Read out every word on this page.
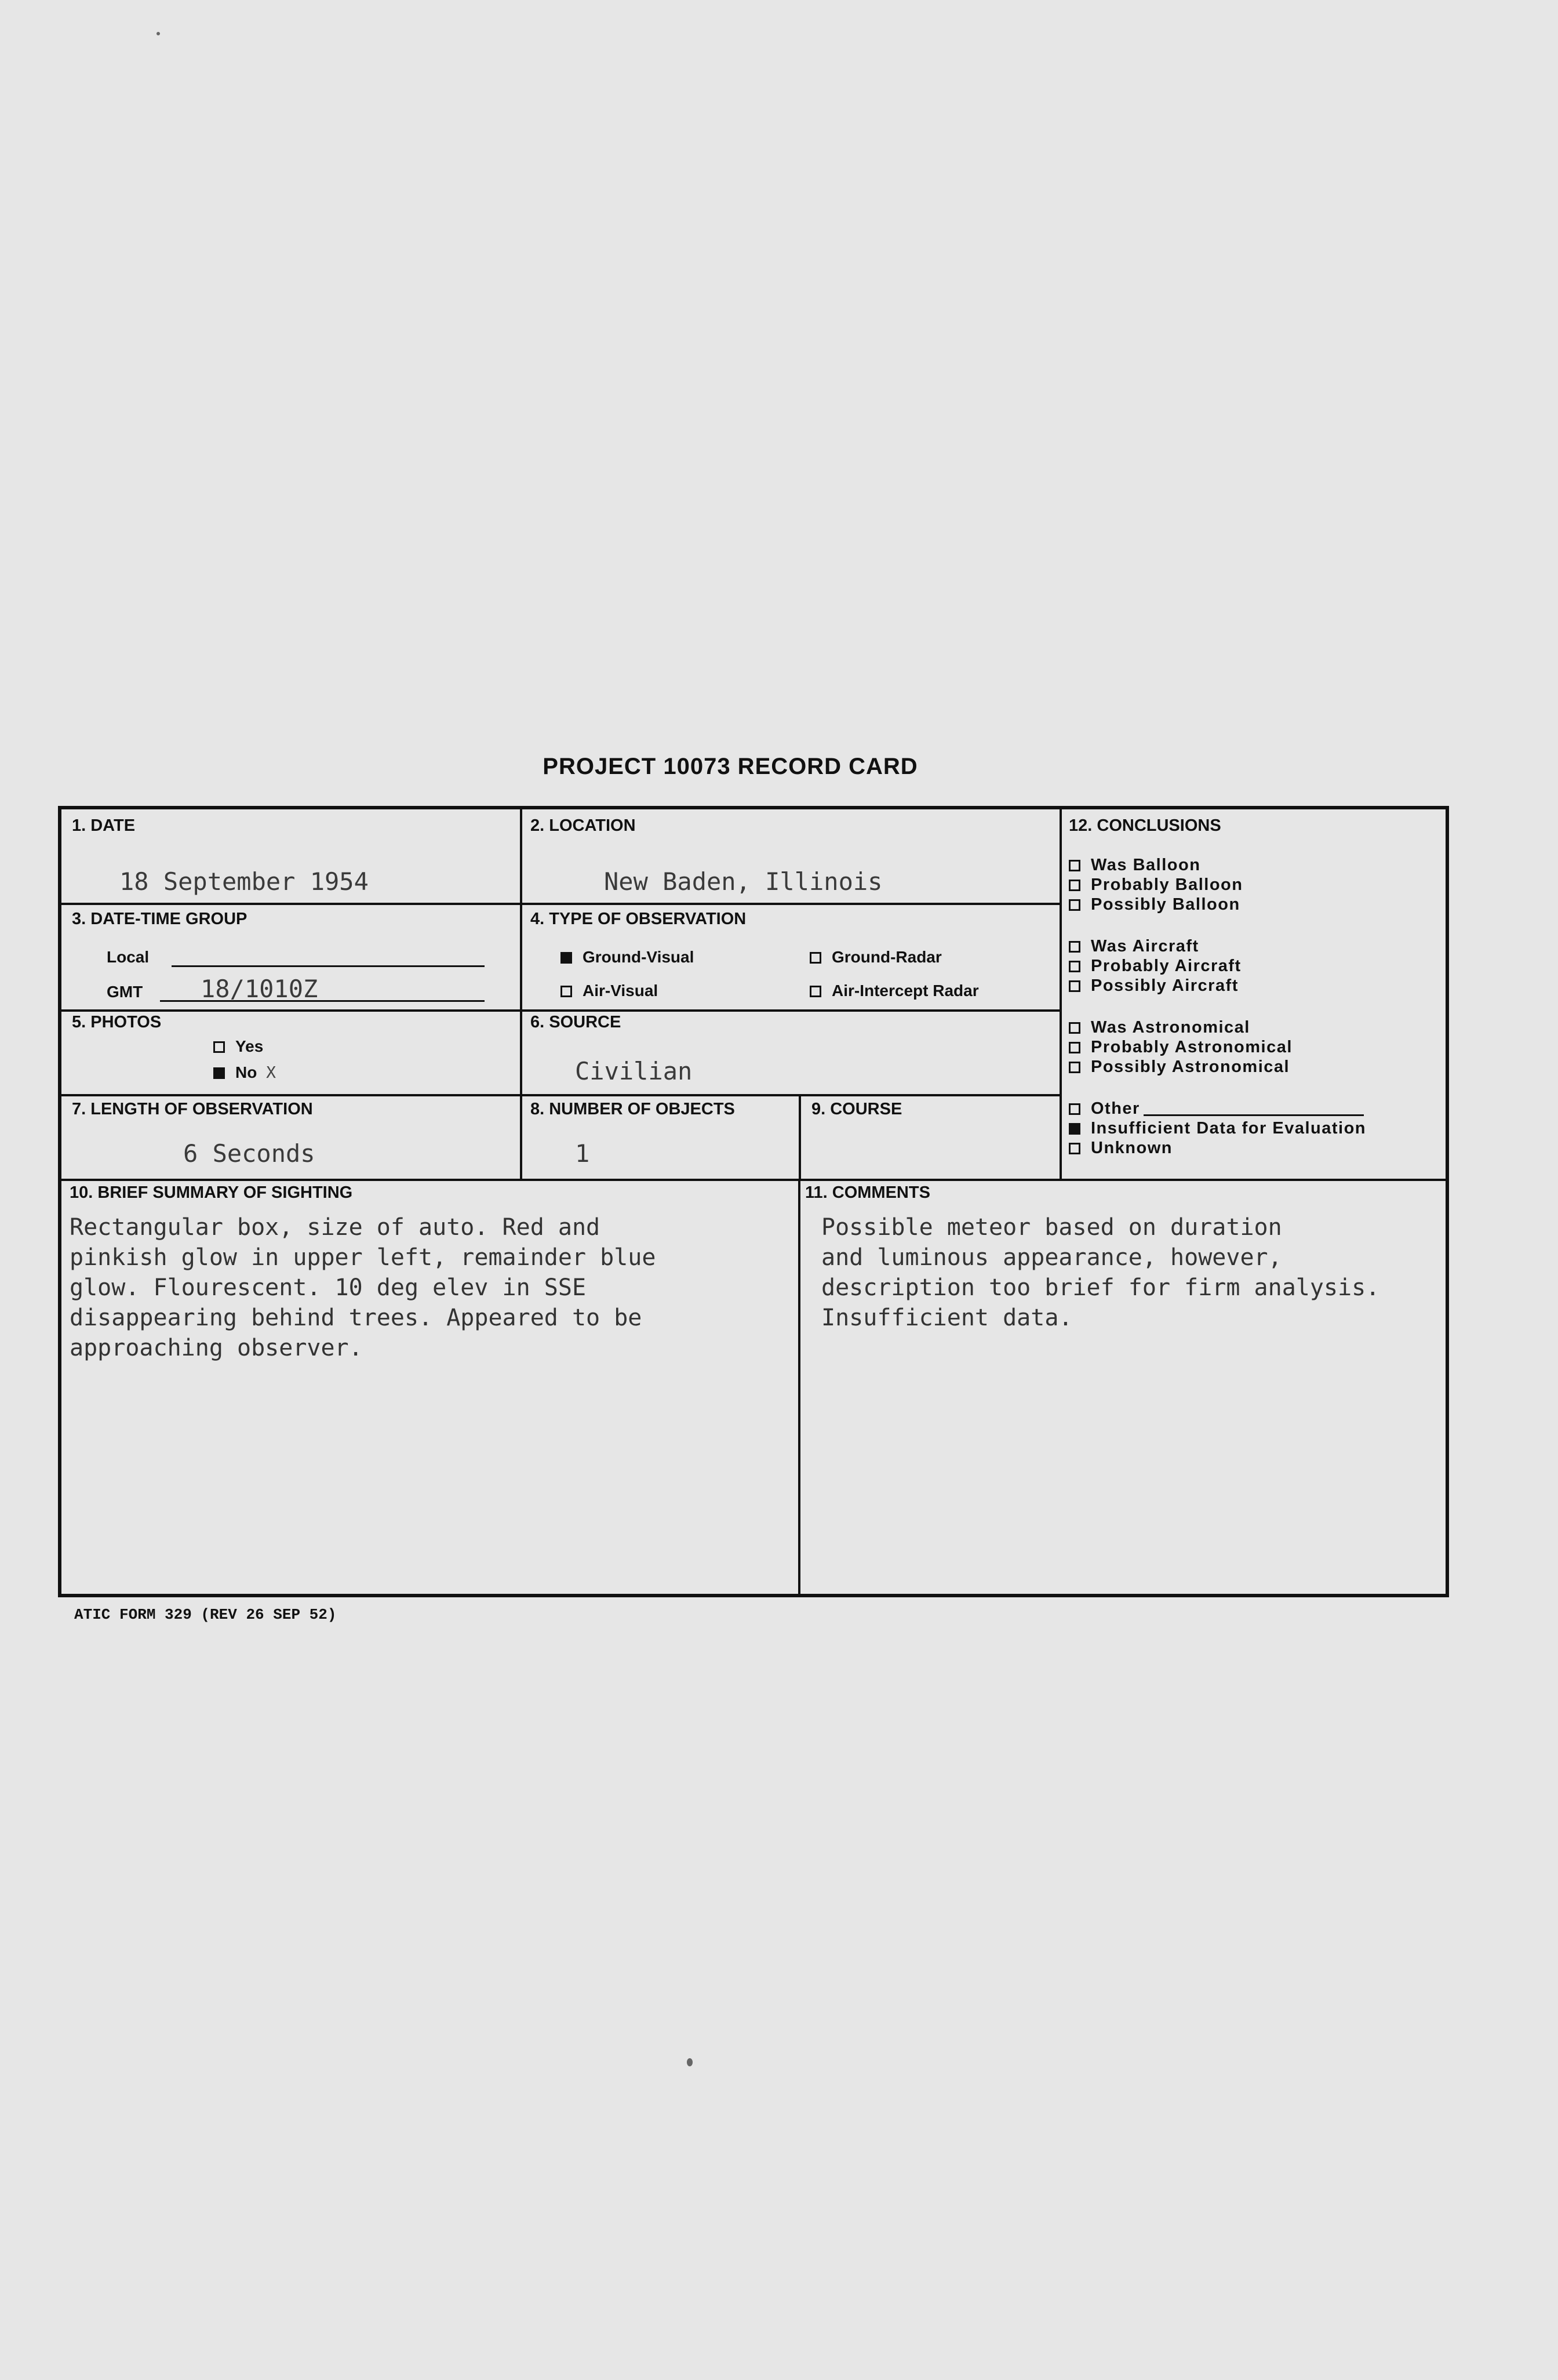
PROJECT 10073 RECORD CARD
1. DATE
18 September 1954
2. LOCATION
New Baden, Illinois
3. DATE-TIME GROUP
Local
GMT 18/1010Z
4. TYPE OF OBSERVATION
Ground-Visual	Ground-Radar
Air-Visual	Air-Intercept Radar
5. PHOTOS
Yes
No X
6. SOURCE
Civilian
7. LENGTH OF OBSERVATION
6 Seconds
8. NUMBER OF OBJECTS
1
9. COURSE
12. CONCLUSIONS
Was Balloon
Probably Balloon
Possibly Balloon
Was Aircraft
Probably Aircraft
Possibly Aircraft
Was Astronomical
Probably Astronomical
Possibly Astronomical
Other
Insufficient Data for Evaluation
Unknown
10. BRIEF SUMMARY OF SIGHTING
Rectangular box, size of auto. Red and
pinkish glow in upper left, remainder blue
glow. Flourescent. 10 deg elev in SSE
disappearing behind trees. Appeared to be
approaching observer.
11. COMMENTS
Possible meteor based on duration
and luminous appearance, however,
description too brief for firm analysis.
Insufficient data.
ATIC FORM 329 (REV 26 SEP 52)
